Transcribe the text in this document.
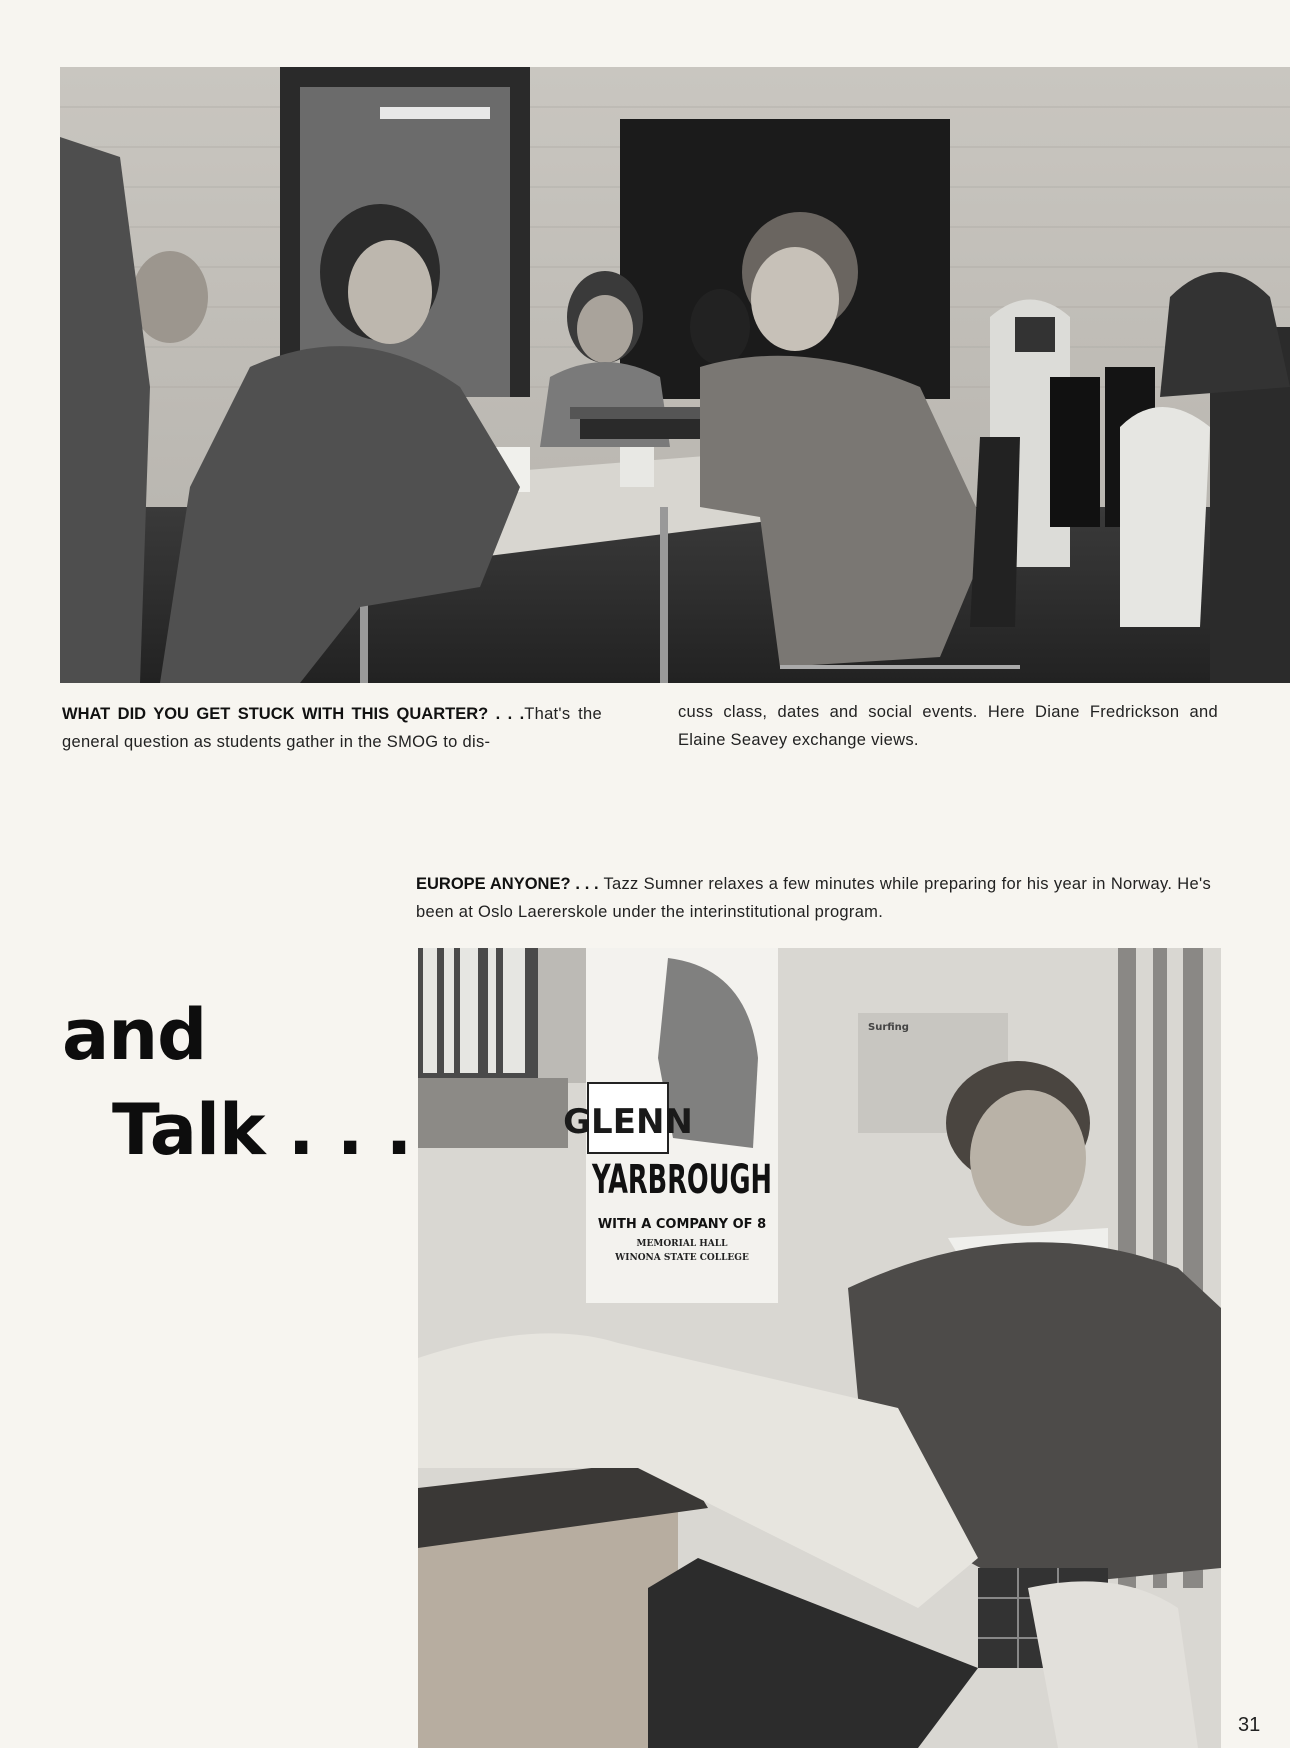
WHAT DID YOU GET STUCK WITH THIS QUARTER? . . .That's the general question as students gather in the SMOG to dis-
cuss class, dates and social events. Here Diane Fredrickson and Elaine Seavey exchange views.
EUROPE ANYONE? . . . Tazz Sumner relaxes a few minutes while preparing for his year in Norway. He's been at Oslo Laererskole under the interinstitutional program.
and
Talk . . .
Surfing
GLENN
YARBROUGH
WITH A COMPANY OF 8
MEMORIAL HALL
WINONA STATE COLLEGE
31
